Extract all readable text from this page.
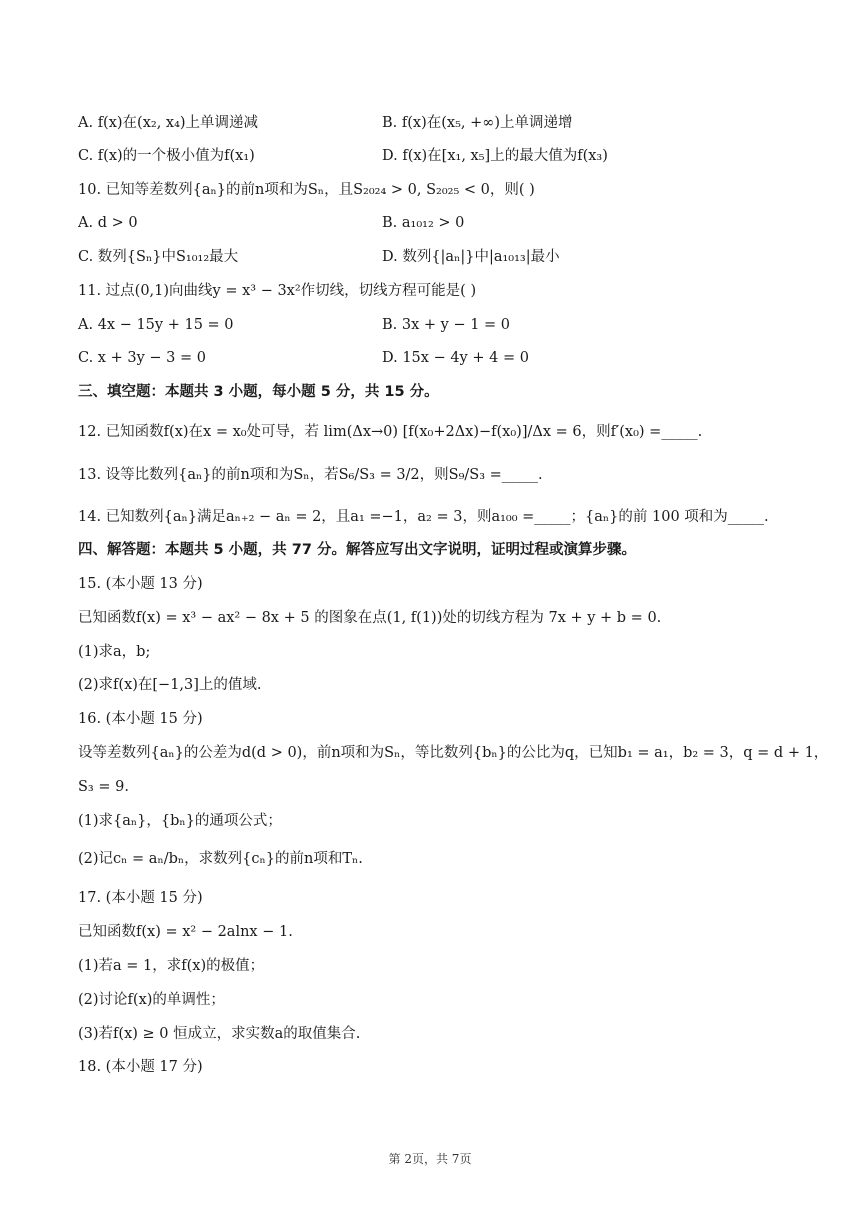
A. f(x)在(x₂, x₄)上单调递减	B. f(x)在(x₅, +∞)上单调递增
C. f(x)的一个极小值为f(x₁)	D. f(x)在[x₁, x₅]上的最大值为f(x₃)
10. 已知等差数列{aₙ}的前n项和为Sₙ，且S₂₀₂₄ > 0, S₂₀₂₅ < 0，则( )
A. d > 0	B. a₁₀₁₂ > 0
C. 数列{Sₙ}中S₁₀₁₂最大	D. 数列{|aₙ|}中|a₁₀₁₃|最小
11. 过点(0,1)向曲线y = x³ − 3x²作切线，切线方程可能是( )
A. 4x − 15y + 15 = 0	B. 3x + y − 1 = 0
C. x + 3y − 3 = 0	D. 15x − 4y + 4 = 0
三、填空题：本题共 3 小题，每小题 5 分，共 15 分。
12. 已知函数f(x)在x = x₀处可导，若 lim(Δx→0) [f(x₀+2Δx)−f(x₀)]/Δx = 6，则f′(x₀) =_____.
13. 设等比数列{aₙ}的前n项和为Sₙ，若S₆/S₃ = 3/2，则S₉/S₃ =_____.
14. 已知数列{aₙ}满足aₙ₊₂ − aₙ = 2，且a₁ =−1，a₂ = 3，则a₁₀₀ =_____；{aₙ}的前 100 项和为_____.
四、解答题：本题共 5 小题，共 77 分。解答应写出文字说明，证明过程或演算步骤。
15. (本小题 13 分)
已知函数f(x) = x³ − ax² − 8x + 5 的图象在点(1, f(1))处的切线方程为 7x + y + b = 0.
(1)求a，b;
(2)求f(x)在[−1,3]上的值域.
16. (本小题 15 分)
设等差数列{aₙ}的公差为d(d > 0)，前n项和为Sₙ，等比数列{bₙ}的公比为q，已知b₁ = a₁，b₂ = 3，q = d + 1，
S₃ = 9.
(1)求{aₙ}，{bₙ}的通项公式；
(2)记cₙ = aₙ/bₙ，求数列{cₙ}的前n项和Tₙ.
17. (本小题 15 分)
已知函数f(x) = x² − 2alnx − 1.
(1)若a = 1，求f(x)的极值；
(2)讨论f(x)的单调性；
(3)若f(x) ≥ 0 恒成立，求实数a的取值集合.
18. (本小题 17 分)
第 2页，共 7页
